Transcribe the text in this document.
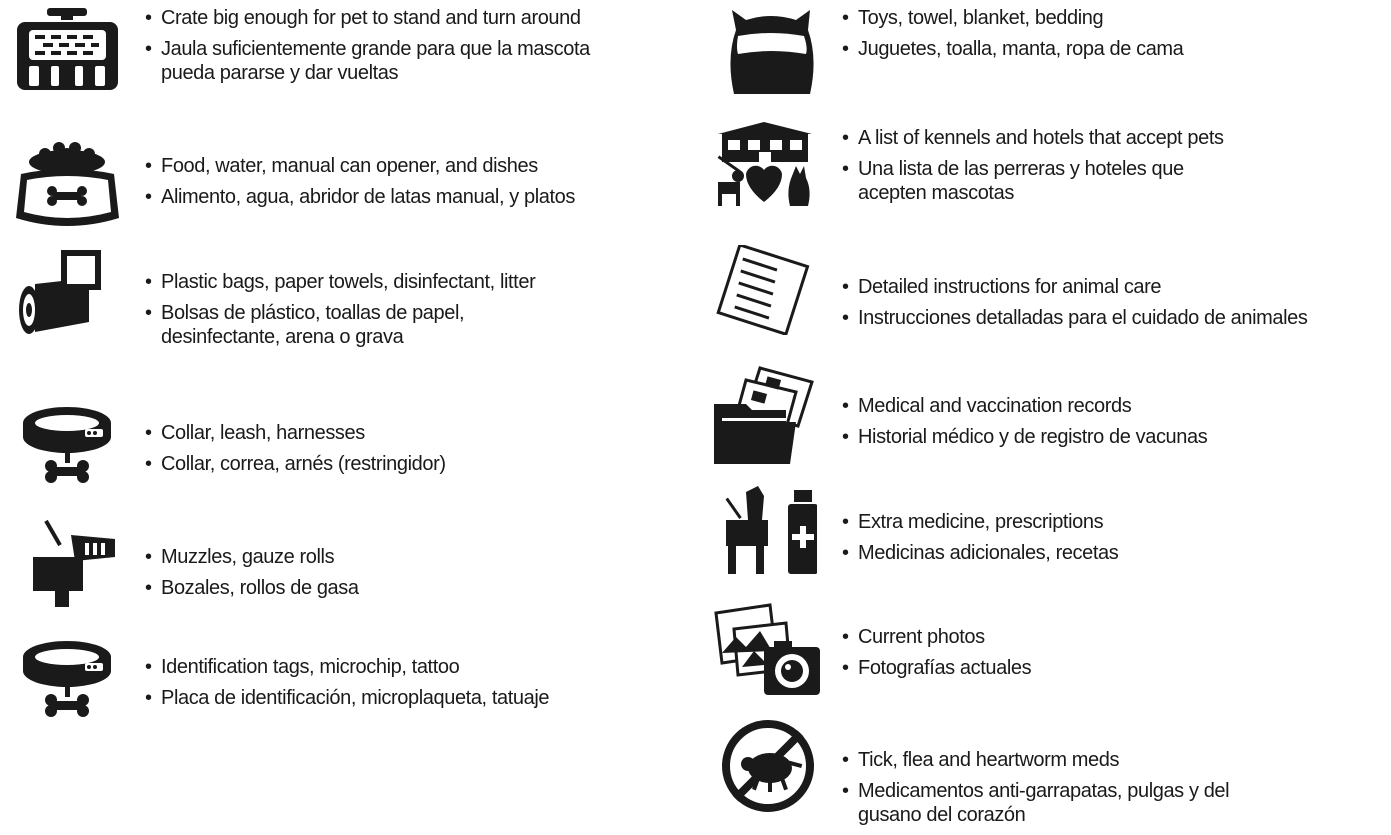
• Crate big enough for pet to stand and turn around
• Jaula suficientemente grande para que la mascota
pueda pararse y dar vueltas
• Food, water, manual can opener, and dishes
• Alimento, agua, abridor de latas manual, y platos
• Plastic bags, paper towels, disinfectant, litter
• Bolsas de plástico, toallas de papel,
desinfectante, arena o grava
• Collar, leash, harnesses
• Collar, correa, arnés (restringidor)
• Muzzles, gauze rolls
• Bozales, rollos de gasa
• Identification tags, microchip, tattoo
• Placa de identificación, microplaqueta, tatuaje
• Toys, towel, blanket, bedding
• Juguetes, toalla, manta, ropa de cama
• A list of kennels and hotels that accept pets
• Una lista de las perreras y hoteles que
acepten mascotas
• Detailed instructions for animal care
• Instrucciones detalladas para el cuidado de animales
• Medical and vaccination records
• Historial médico y de registro de vacunas
• Extra medicine, prescriptions
• Medicinas adicionales, recetas
• Current photos
• Fotografías actuales
• Tick, flea and heartworm meds
• Medicamentos anti-garrapatas, pulgas y del
gusano del corazón
